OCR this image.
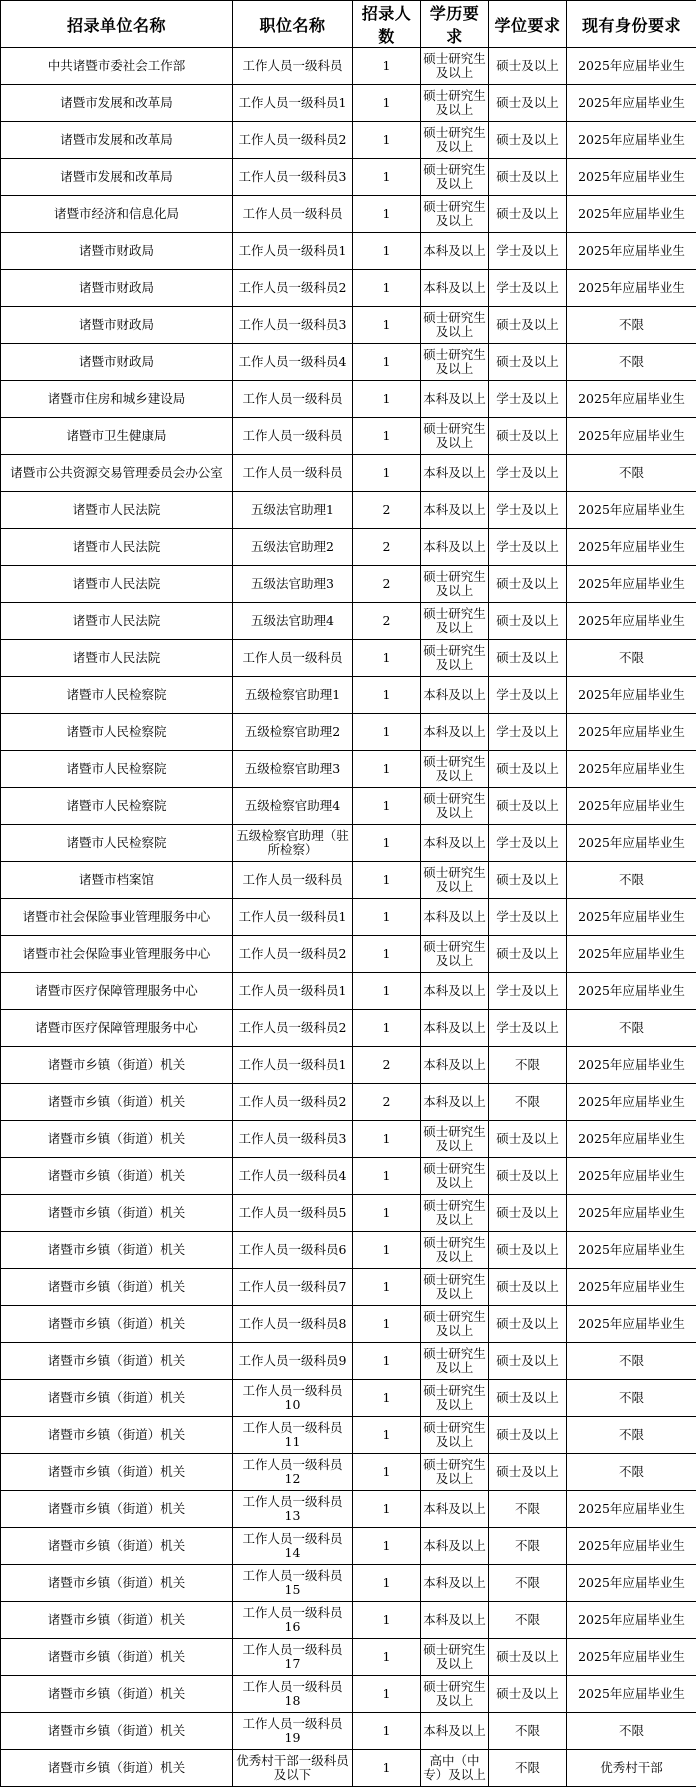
招录单位名称	职位名称	招录人数	学历要求	学位要求	现有身份要求
中共诸暨市委社会工作部	工作人员一级科员	1	硕士研究生及以上	硕士及以上	2025年应届毕业生
诸暨市发展和改革局	工作人员一级科员1	1	硕士研究生及以上	硕士及以上	2025年应届毕业生
诸暨市发展和改革局	工作人员一级科员2	1	硕士研究生及以上	硕士及以上	2025年应届毕业生
诸暨市发展和改革局	工作人员一级科员3	1	硕士研究生及以上	硕士及以上	2025年应届毕业生
诸暨市经济和信息化局	工作人员一级科员	1	硕士研究生及以上	硕士及以上	2025年应届毕业生
诸暨市财政局	工作人员一级科员1	1	本科及以上	学士及以上	2025年应届毕业生
诸暨市财政局	工作人员一级科员2	1	本科及以上	学士及以上	2025年应届毕业生
诸暨市财政局	工作人员一级科员3	1	硕士研究生及以上	硕士及以上	不限
诸暨市财政局	工作人员一级科员4	1	硕士研究生及以上	硕士及以上	不限
诸暨市住房和城乡建设局	工作人员一级科员	1	本科及以上	学士及以上	2025年应届毕业生
诸暨市卫生健康局	工作人员一级科员	1	硕士研究生及以上	硕士及以上	2025年应届毕业生
诸暨市公共资源交易管理委员会办公室	工作人员一级科员	1	本科及以上	学士及以上	不限
诸暨市人民法院	五级法官助理1	2	本科及以上	学士及以上	2025年应届毕业生
诸暨市人民法院	五级法官助理2	2	本科及以上	学士及以上	2025年应届毕业生
诸暨市人民法院	五级法官助理3	2	硕士研究生及以上	硕士及以上	2025年应届毕业生
诸暨市人民法院	五级法官助理4	2	硕士研究生及以上	硕士及以上	2025年应届毕业生
诸暨市人民法院	工作人员一级科员	1	硕士研究生及以上	硕士及以上	不限
诸暨市人民检察院	五级检察官助理1	1	本科及以上	学士及以上	2025年应届毕业生
诸暨市人民检察院	五级检察官助理2	1	本科及以上	学士及以上	2025年应届毕业生
诸暨市人民检察院	五级检察官助理3	1	硕士研究生及以上	硕士及以上	2025年应届毕业生
诸暨市人民检察院	五级检察官助理4	1	硕士研究生及以上	硕士及以上	2025年应届毕业生
诸暨市人民检察院	五级检察官助理（驻所检察）	1	本科及以上	学士及以上	2025年应届毕业生
诸暨市档案馆	工作人员一级科员	1	硕士研究生及以上	硕士及以上	不限
诸暨市社会保险事业管理服务中心	工作人员一级科员1	1	本科及以上	学士及以上	2025年应届毕业生
诸暨市社会保险事业管理服务中心	工作人员一级科员2	1	硕士研究生及以上	硕士及以上	2025年应届毕业生
诸暨市医疗保障管理服务中心	工作人员一级科员1	1	本科及以上	学士及以上	2025年应届毕业生
诸暨市医疗保障管理服务中心	工作人员一级科员2	1	本科及以上	学士及以上	不限
诸暨市乡镇（街道）机关	工作人员一级科员1	2	本科及以上	不限	2025年应届毕业生
诸暨市乡镇（街道）机关	工作人员一级科员2	2	本科及以上	不限	2025年应届毕业生
诸暨市乡镇（街道）机关	工作人员一级科员3	1	硕士研究生及以上	硕士及以上	2025年应届毕业生
诸暨市乡镇（街道）机关	工作人员一级科员4	1	硕士研究生及以上	硕士及以上	2025年应届毕业生
诸暨市乡镇（街道）机关	工作人员一级科员5	1	硕士研究生及以上	硕士及以上	2025年应届毕业生
诸暨市乡镇（街道）机关	工作人员一级科员6	1	硕士研究生及以上	硕士及以上	2025年应届毕业生
诸暨市乡镇（街道）机关	工作人员一级科员7	1	硕士研究生及以上	硕士及以上	2025年应届毕业生
诸暨市乡镇（街道）机关	工作人员一级科员8	1	硕士研究生及以上	硕士及以上	2025年应届毕业生
诸暨市乡镇（街道）机关	工作人员一级科员9	1	硕士研究生及以上	硕士及以上	不限
诸暨市乡镇（街道）机关	工作人员一级科员10	1	硕士研究生及以上	硕士及以上	不限
诸暨市乡镇（街道）机关	工作人员一级科员11	1	硕士研究生及以上	硕士及以上	不限
诸暨市乡镇（街道）机关	工作人员一级科员12	1	硕士研究生及以上	硕士及以上	不限
诸暨市乡镇（街道）机关	工作人员一级科员13	1	本科及以上	不限	2025年应届毕业生
诸暨市乡镇（街道）机关	工作人员一级科员14	1	本科及以上	不限	2025年应届毕业生
诸暨市乡镇（街道）机关	工作人员一级科员15	1	本科及以上	不限	2025年应届毕业生
诸暨市乡镇（街道）机关	工作人员一级科员16	1	本科及以上	不限	2025年应届毕业生
诸暨市乡镇（街道）机关	工作人员一级科员17	1	硕士研究生及以上	硕士及以上	2025年应届毕业生
诸暨市乡镇（街道）机关	工作人员一级科员18	1	硕士研究生及以上	硕士及以上	2025年应届毕业生
诸暨市乡镇（街道）机关	工作人员一级科员19	1	本科及以上	不限	不限
诸暨市乡镇（街道）机关	优秀村干部一级科员及以下	1	高中（中专）及以上	不限	优秀村干部
